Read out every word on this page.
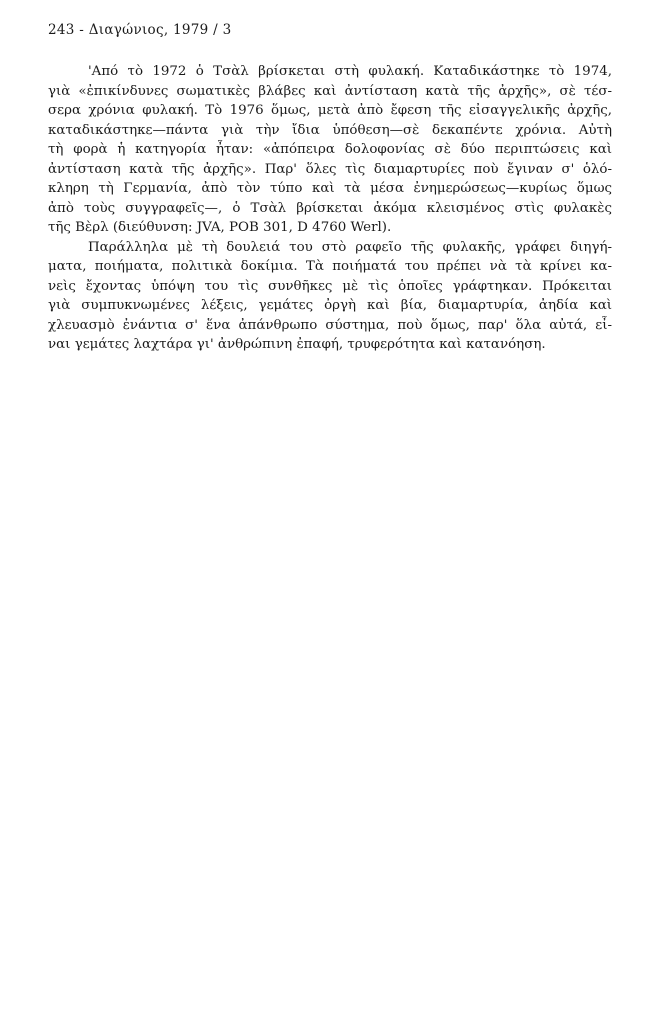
243 - Διαγώνιος, 1979 / 3
'Από τὸ 1972 ὁ Τσὰλ βρίσκεται στὴ φυλακή. Καταδικάστηκε τὸ 1974,
γιὰ «ἐπικίνδυνες σωματικὲς βλάβες καὶ ἀντίσταση κατὰ τῆς ἀρχῆς», σὲ τέσ-
σερα χρόνια φυλακή. Τὸ 1976 ὅμως, μετὰ ἀπὸ ἔφεση τῆς εἰσαγγελικῆς ἀρχῆς,
καταδικάστηκε—πάντα γιὰ τὴν ἴδια ὑπόθεση—σὲ δεκαπέντε χρόνια. Αὐτὴ
τὴ φορὰ ἡ κατηγορία ἦταν: «ἀπόπειρα δολοφονίας σὲ δύο περιπτώσεις καὶ
ἀντίσταση κατὰ τῆς ἀρχῆς». Παρ' ὅλες τὶς διαμαρτυρίες ποὺ ἔγιναν σ' ὁλό-
κληρη τὴ Γερμανία, ἀπὸ τὸν τύπο καὶ τὰ μέσα ἐνημερώσεως—κυρίως ὅμως
ἀπὸ τοὺς συγγραφεῖς—, ὁ Τσὰλ βρίσκεται ἀκόμα κλεισμένος στὶς φυλακὲς
τῆς Βὲρλ (διεύθυνση: JVA, POB 301, D 4760 Werl).
Παράλληλα μὲ τὴ δουλειά του στὸ ραφεῖο τῆς φυλακῆς, γράφει διηγή-
ματα, ποιήματα, πολιτικὰ δοκίμια. Τὰ ποιήματά του πρέπει νὰ τὰ κρίνει κα-
νεὶς ἔχοντας ὑπόψη του τὶς συνθῆκες μὲ τὶς ὁποῖες γράφτηκαν. Πρόκειται
γιὰ συμπυκνωμένες λέξεις, γεμάτες ὀργὴ καὶ βία, διαμαρτυρία, ἀηδία καὶ
χλευασμὸ ἐνάντια σ' ἕνα ἀπάνθρωπο σύστημα, ποὺ ὅμως, παρ' ὅλα αὐτά, εἶ-
ναι γεμάτες λαχτάρα γι' ἀνθρώπινη ἐπαφή, τρυφερότητα καὶ κατανόηση.
